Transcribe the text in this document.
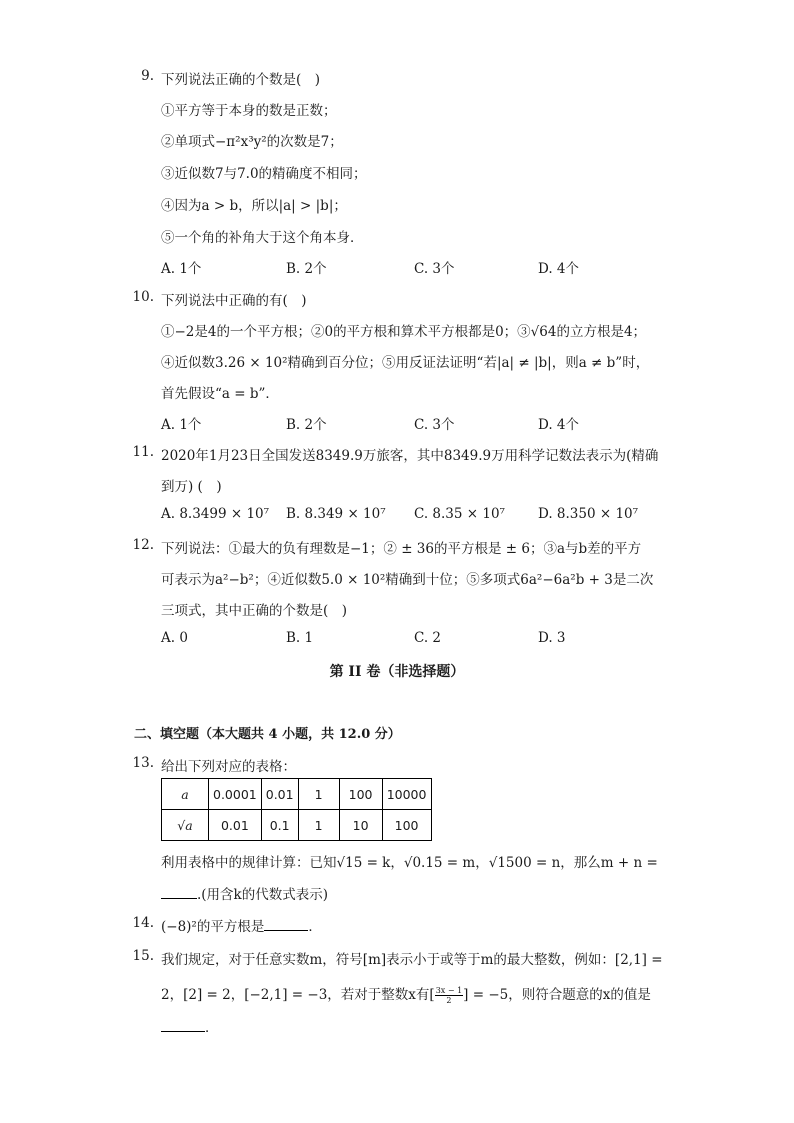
9. 下列说法正确的个数是(　)
①平方等于本身的数是正数；
②单项式−π²x³y²的次数是7；
③近似数7与7.0的精确度不相同；
④因为a > b，所以|a| > |b|；
⑤一个角的补角大于这个角本身．
A. 1个	B. 2个	C. 3个	D. 4个
10. 下列说法中正确的有(　)
①−2是4的一个平方根；②0的平方根和算术平方根都是0；③√64的立方根是4；
④近似数3.26 × 10²精确到百分位；⑤用反证法证明“若|a| ≠ |b|，则a ≠ b”时，
首先假设“a = b”．
A. 1个	B. 2个	C. 3个	D. 4个
11. 2020年1月23日全国发送8349.9万旅客，其中8349.9万用科学记数法表示为(精确
到万) (　)
A. 8.3499 × 10⁷ B. 8.349 × 10⁷ C. 8.35 × 10⁷ D. 8.350 × 10⁷
12. 下列说法：①最大的负有理数是−1；② ± 36的平方根是 ± 6；③a与b差的平方
可表示为a²−b²；④近似数5.0 × 10²精确到十位；⑤多项式6a²−6a²b + 3是二次
三项式，其中正确的个数是(　)
A. 0	B. 1	C. 2	D. 3
第 II 卷（非选择题）
二、填空题（本大题共 4 小题，共 12.0 分）
13. 给出下列对应的表格：
a	0.0001	0.01	1	100	10000
√a	0.01	0.1	1	10	100
利用表格中的规律计算：已知√15 = k，√0.15 = m，√1500 = n，那么m + n =
.(用含k的代数式表示)
14. (−8)²的平方根是	．
15. 我们规定，对于任意实数m，符号[m]表示小于或等于m的最大整数，例如：[2,1] =
2，[2] = 2，[−2,1] = −3，若对于整数x有[ $\frac{3x - 1}{2}] = -5$，则符合题意的x的值是
．
